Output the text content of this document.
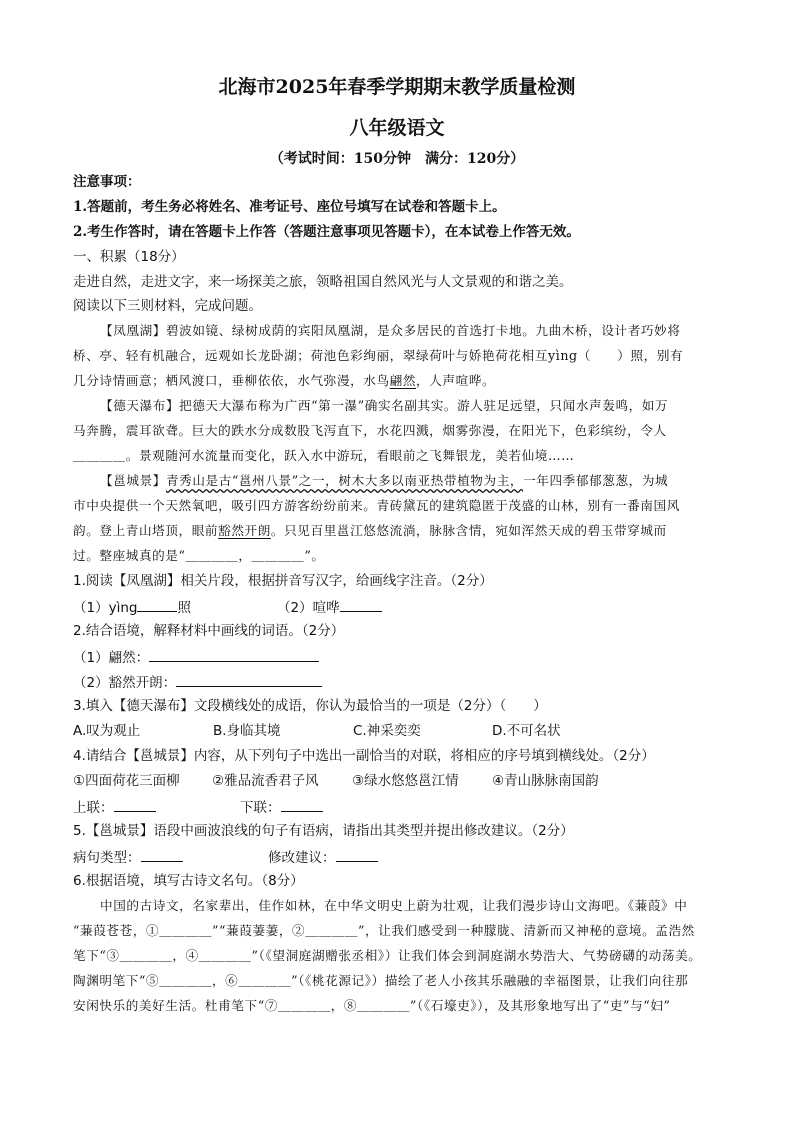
北海市2025年春季学期期末教学质量检测
八年级语文
（考试时间：150分钟　满分：120分）
注意事项：
1.答题前，考生务必将姓名、准考证号、座位号填写在试卷和答题卡上。
2.考生作答时，请在答题卡上作答（答题注意事项见答题卡），在本试卷上作答无效。
一、积累（18分）
走进自然，走进文字，来一场探美之旅，领略祖国自然风光与人文景观的和谐之美。
阅读以下三则材料，完成问题。
【凤凰湖】碧波如镜、绿树成荫的宾阳凤凰湖，是众多居民的首选打卡地。九曲木桥，设计者巧妙将
桥、亭、轻有机融合，远观如长龙卧湖；荷池色彩绚丽，翠绿荷叶与娇艳荷花相互yìng（　　）照，别有
几分诗情画意；栖风渡口，垂柳依依，水气弥漫，水鸟翩然，人声喧哗。
【德天瀑布】把德天大瀑布称为广西“第一瀑”确实名副其实。游人驻足远望，只闻水声轰鸣，如万
马奔腾，震耳欲聋。巨大的跌水分成数股飞泻直下，水花四溅，烟雾弥漫，在阳光下，色彩缤纷，令人
＿＿＿＿。景观随河水流量而变化，跃入水中游玩，看眼前之飞舞银龙，美若仙境……
【邕城景】青秀山是古“邕州八景”之一，树木大多以南亚热带植物为主，一年四季郁郁葱葱，为城
市中央提供一个天然氧吧，吸引四方游客纷纷前来。青砖黛瓦的建筑隐匿于茂盛的山林，别有一番南国风
韵。登上青山塔顶，眼前豁然开朗。只见百里邕江悠悠流淌，脉脉含情，宛如浑然天成的碧玉带穿城而
过。整座城真的是“＿＿＿＿，＿＿＿＿”。
1.阅读【凤凰湖】相关片段，根据拼音写汉字，给画线字注音。（2分）
（1）yìng	照	（2）喧哗
2.结合语境，解释材料中画线的词语。（2分）
（1）翩然：
（2）豁然开朗：
3.填入【德天瀑布】文段横线处的成语，你认为最恰当的一项是（2分）（　　）
A.叹为观止	B.身临其境	C.神采奕奕	D.不可名状
4.请结合【邕城景】内容，从下列句子中选出一副恰当的对联，将相应的序号填到横线处。（2分）
①四面荷花三面柳 ②雅品流香君子风 ③绿水悠悠邕江情 ④青山脉脉南国韵
上联：	下联：
5.【邕城景】语段中画波浪线的句子有语病，请指出其类型并提出修改建议。（2分）
病句类型：	修改建议：
6.根据语境，填写古诗文名句。（8分）
中国的古诗文，名家辈出，佳作如林，在中华文明史上蔚为壮观，让我们漫步诗山文海吧。《蒹葭》中
“蒹葭苍苍，①＿＿＿＿”“蒹葭萋萋，②＿＿＿＿”，让我们感受到一种朦胧、清新而又神秘的意境。孟浩然
笔下“③＿＿＿＿，④＿＿＿＿”（《望洞庭湖赠张丞相》）让我们体会到洞庭湖水势浩大、气势磅礴的动荡美。
陶渊明笔下“⑤＿＿＿＿，⑥＿＿＿＿”（《桃花源记》）描绘了老人小孩其乐融融的幸福图景，让我们向往那
安闲快乐的美好生活。杜甫笔下“⑦＿＿＿＿，⑧＿＿＿＿”（《石壕吏》），及其形象地写出了“吏”与“妇”
